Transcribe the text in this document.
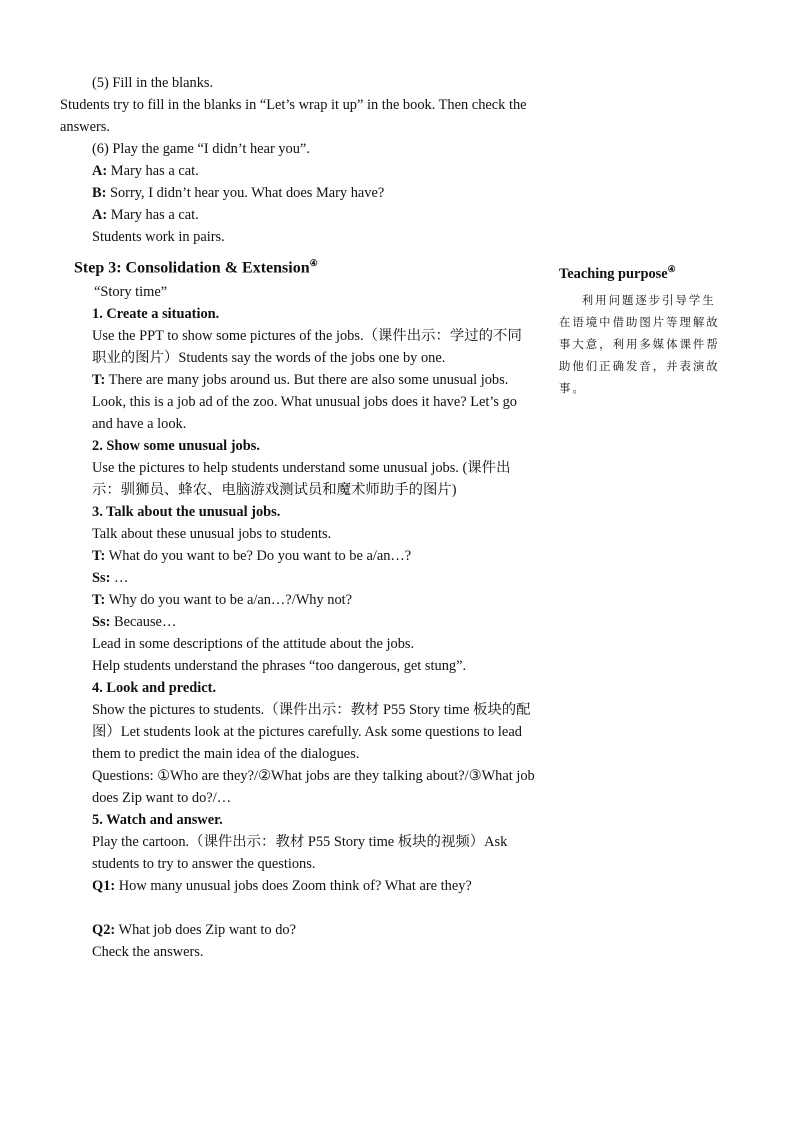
(5) Fill in the blanks.

Students try to fill in the blanks in “Let’s wrap it up” in the book. Then check the answers.

(6) Play the game “I didn’t hear you”.

A: Mary has a cat.

B: Sorry, I didn’t hear you. What does Mary have?

A: Mary has a cat.

Students work in pairs.

Step 3: Consolidation & Extension④

“Story time”

1. Create a situation.

Use the PPT to show some pictures of the jobs.（课件出示：学过的不同职业的图片）Students say the words of the jobs one by one.

T: There are many jobs around us. But there are also some unusual jobs. Look, this is a job ad of the zoo. What unusual jobs does it have? Let’s go and have a look.

2. Show some unusual jobs.

Use the pictures to help students understand some unusual jobs. (课件出示：驯狮员、蜂农、电脑游戏测试员和魔术师助手的图片)

3. Talk about the unusual jobs.

Talk about these unusual jobs to students.

T: What do you want to be? Do you want to be a/an…?

Ss: …

T: Why do you want to be a/an…?/Why not?

Ss: Because…

Lead in some descriptions of the attitude about the jobs.

Help students understand the phrases “too dangerous, get stung”.

4. Look and predict.

Show the pictures to students.（课件出示：教材 P55 Story time 板块的配图）Let students look at the pictures carefully. Ask some questions to lead them to predict the main idea of the dialogues.

Questions: ①Who are they?/②What jobs are they talking about?/③What job does Zip want to do?/…

5. Watch and answer.

Play the cartoon.（课件出示：教材 P55 Story time 板块的视频）Ask students to try to answer the questions.

Q1: How many unusual jobs does Zoom think of? What are they?

Q2: What job does Zip want to do?

Check the answers.

Teaching purpose④

利用问题逐步引导学生在语境中借助图片等理解故事大意，利用多媒体课件帮助他们正确发音，并表演故事。
